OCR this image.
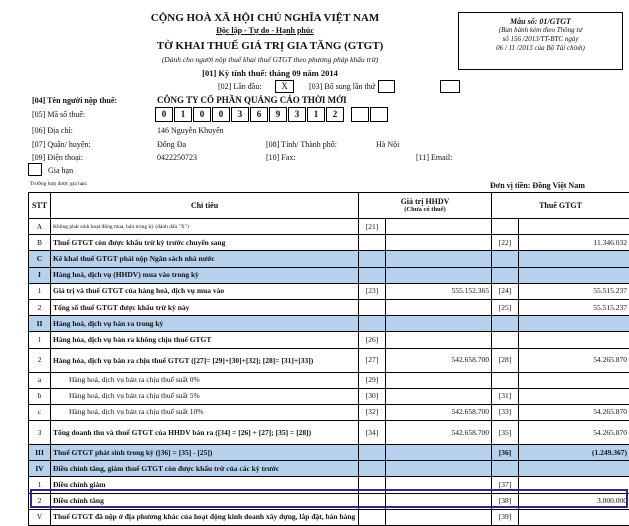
CỘNG HOÀ XÃ HỘI CHỦ NGHĨA VIỆT NAM
Độc lập - Tự do - Hạnh phúc
TỜ KHAI THUẾ GIÁ TRỊ GIA TĂNG (GTGT)
(Dành cho người nộp thuế khai thuế GTGT theo phương pháp khấu trừ)
[01] Kỳ tính thuế: tháng 09 năm 2014
[02] Lần đầu:	X	[03] Bổ sung lần thứ
Mẫu số: 01/GTGT
(Ban hành kèm theo Thông tư
số 156 /2013/TT-BTC ngày
06 / 11 /2013 của Bộ Tài chính)
[04] Tên người nộp thuế:	CÔNG TY CỔ PHẦN QUẢNG CÁO THỜI MỚI
[05] Mã số thuế:	0	1	0	0	3	6	9	3	1	2
[06] Địa chỉ:	146 Nguyễn Khuyến
[07] Quận/ huyện:	Đống Đa	[08] Tỉnh/ Thành phố:	Hà Nội
[09] Điện thoại:	0422250723	[10] Fax:	[11] Email:
Gia hạn
Trường hợp được gia hạn:	Đơn vị tiền: Đồng Việt Nam
STT	Chỉ tiêu	Giá trị HHDV
(Chưa có thuế)		Thuế GTGT	
A	Không phát sinh hoạt động mua, bán trong kỳ (đánh dấu "X")	[21]			
B	Thuế GTGT còn được khấu trừ kỳ trước chuyển sang			[22]	11.346.032
C	Kê khai thuế GTGT phải nộp Ngân sách nhà nước				
I	Hàng hoá, dịch vụ (HHDV) mua vào trong kỳ				
1	Giá trị và thuế GTGT của hàng hoá, dịch vụ mua vào	[23]	555.152.365	[24]	55.515.237
2	Tổng số thuế GTGT được khấu trừ kỳ này			[25]	55.515.237
II	Hàng hoá, dịch vụ bán ra trong kỳ				
1	Hàng hóa, dịch vụ bán ra không chịu thuế GTGT	[26]			
2	Hàng hóa, dịch vụ bán ra chịu thuế GTGT ([27]= [29]+[30]+[32]; [28]= [31]+[33])	[27]	542.658.700	[28]	54.265.870
a	Hàng hoá, dịch vụ bán ra chịu thuế suất 0%	[29]			
b	Hàng hoá, dịch vụ bán ra chịu thuế suất 5%	[30]		[31]	
c	Hàng hoá, dịch vụ bán ra chịu thuế suất 10%	[32]	542.658.700	[33]	54.265.870
3	Tổng doanh thu và thuế GTGT của HHDV bán ra ([34] = [26] + [27]; [35] = [28])	[34]	542.658.700	[35]	54.265.870
III	Thuế GTGT phát sinh trong kỳ ([36] = [35] - [25])			[36]	(1.249.367)
IV	Điều chỉnh tăng, giảm thuế GTGT còn được khấu trừ của các kỳ trước				
1	Điều chỉnh giảm			[37]	
2	Điều chỉnh tăng			[38]	3.000.000
V	Thuế GTGT đã nộp ở địa phương khác của hoạt động kinh doanh xây dựng, lắp đặt, bán hàng			[39]	
